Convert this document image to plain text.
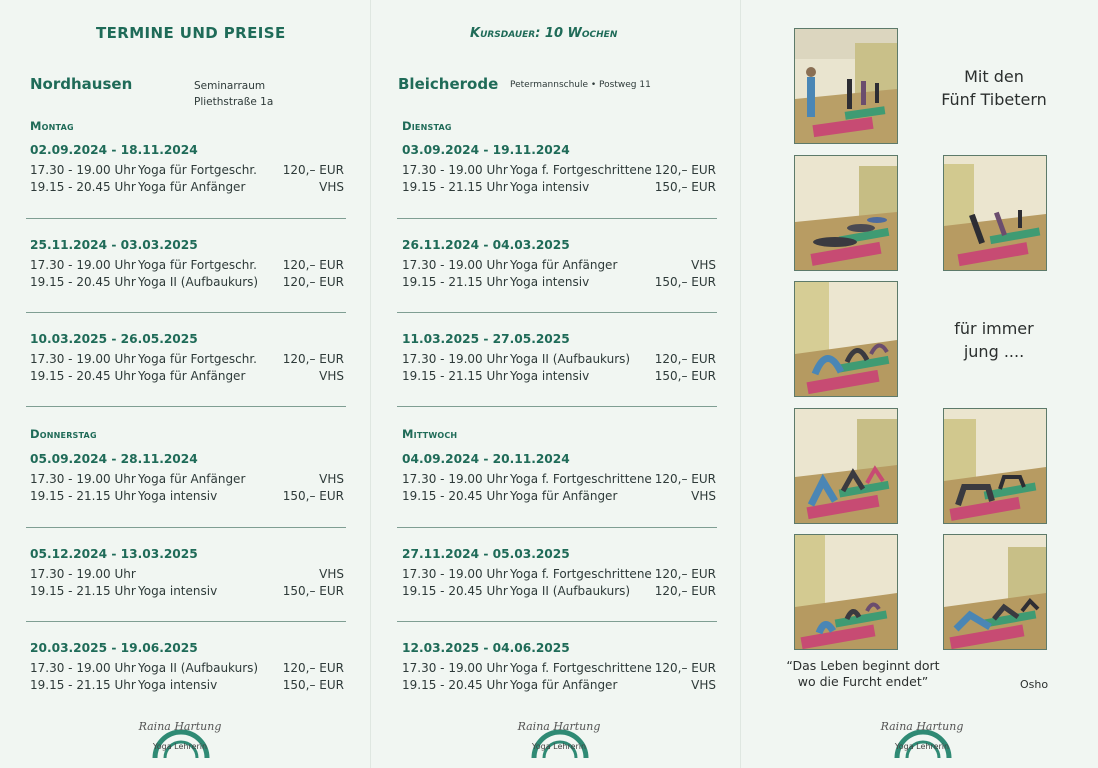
TERMINE UND PREISE
Nordhausen	Seminarraum
Pliethstraße 1a
Montag
Donnerstag
02.09.2024 - 18.11.2024
17.30 - 19.00 Uhr Yoga für Fortgeschr. 120,– EUR
19.15 - 20.45 Uhr Yoga für Anfänger	VHS
25.11.2024 - 03.03.2025
17.30 - 19.00 Uhr Yoga für Fortgeschr. 120,– EUR
19.15 - 20.45 Uhr Yoga II (Aufbaukurs) 120,– EUR
10.03.2025 - 26.05.2025
17.30 - 19.00 Uhr Yoga für Fortgeschr. 120,– EUR
19.15 - 20.45 Uhr Yoga für Anfänger	VHS
05.09.2024 - 28.11.2024
17.30 - 19.00 Uhr Yoga für Anfänger	VHS
19.15 - 21.15 Uhr Yoga intensiv	150,– EUR
05.12.2024 - 13.03.2025
17.30 - 19.00 Uhr	VHS
19.15 - 21.15 Uhr Yoga intensiv	150,– EUR
20.03.2025 - 19.06.2025
17.30 - 19.00 Uhr Yoga II (Aufbaukurs) 120,– EUR
19.15 - 21.15 Uhr Yoga intensiv	150,– EUR
Raina Hartung
Yoga Lehrerin
Kursdauer: 10 Wochen
Bleicherode Petermannschule • Postweg 11
Dienstag
Mittwoch
03.09.2024 - 19.11.2024
17.30 - 19.00 Uhr Yoga f. Fortgeschrittene 120,– EUR
19.15 - 21.15 Uhr Yoga intensiv	150,– EUR
26.11.2024 - 04.03.2025
17.30 - 19.00 Uhr Yoga für Anfänger	VHS
19.15 - 21.15 Uhr Yoga intensiv	150,– EUR
11.03.2025 - 27.05.2025
17.30 - 19.00 Uhr Yoga II (Aufbaukurs) 120,– EUR
19.15 - 21.15 Uhr Yoga intensiv	150,– EUR
04.09.2024 - 20.11.2024
17.30 - 19.00 Uhr Yoga f. Fortgeschrittene 120,– EUR
19.15 - 20.45 Uhr Yoga für Anfänger	VHS
27.11.2024 - 05.03.2025
17.30 - 19.00 Uhr Yoga f. Fortgeschrittene 120,– EUR
19.15 - 20.45 Uhr Yoga II (Aufbaukurs) 120,– EUR
12.03.2025 - 04.06.2025
17.30 - 19.00 Uhr Yoga f. Fortgeschrittene 120,– EUR
19.15 - 20.45 Uhr Yoga für Anfänger	VHS
Raina Hartung
Yoga Lehrerin
Mit den
Fünf Tibetern
für immer
jung ....
“Das Leben beginnt dort
wo die Furcht endet”	Osho
Raina Hartung
Yoga Lehrerin
